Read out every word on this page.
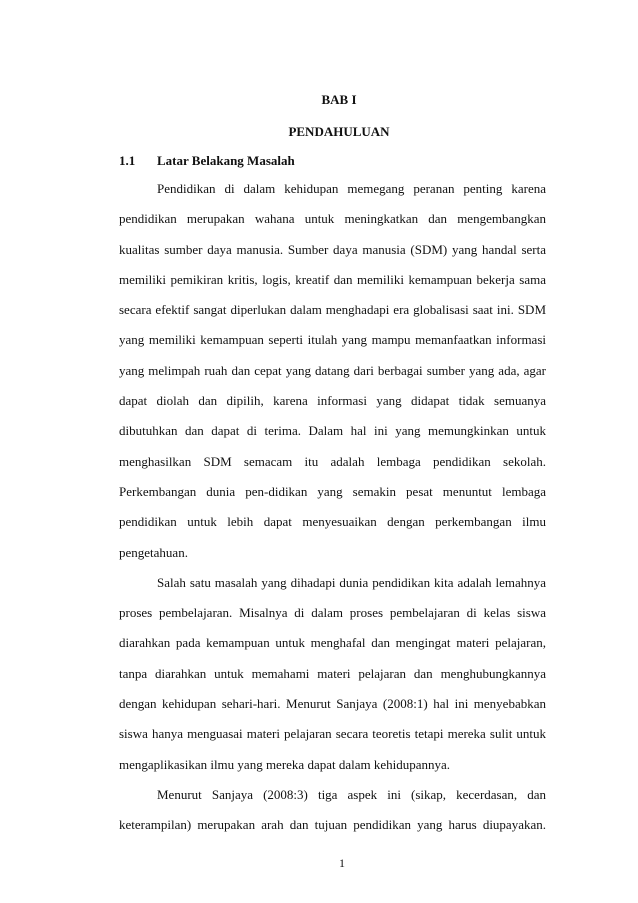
BAB I
PENDAHULUAN
1.1 Latar Belakang Masalah

Pendidikan di dalam kehidupan memegang peranan penting karena pendidikan merupakan wahana untuk meningkatkan dan mengembangkan kualitas sumber daya manusia. Sumber daya manusia (SDM) yang handal serta memiliki pemikiran kritis, logis, kreatif dan memiliki kemampuan bekerja sama secara efektif sangat diperlukan dalam menghadapi era globalisasi saat ini. SDM yang memiliki kemampuan seperti itulah yang mampu memanfaatkan informasi yang melimpah ruah dan cepat yang datang dari berbagai sumber yang ada, agar dapat diolah dan dipilih, karena informasi yang didapat tidak semuanya dibutuhkan dan dapat di terima. Dalam hal ini yang memungkinkan untuk menghasilkan SDM semacam itu adalah lembaga pendidikan sekolah. Perkembangan dunia pen-didikan yang semakin pesat menuntut lembaga pendidikan untuk lebih dapat menyesuaikan dengan perkembangan ilmu pengetahuan.

Salah satu masalah yang dihadapi dunia pendidikan kita adalah lemahnya proses pembelajaran. Misalnya di dalam proses pembelajaran di kelas siswa diarahkan pada kemampuan untuk menghafal dan mengingat materi pelajaran, tanpa diarahkan untuk memahami materi pelajaran dan menghubungkannya dengan kehidupan sehari-hari. Menurut Sanjaya (2008:1) hal ini menyebabkan siswa hanya menguasai materi pelajaran secara teoretis tetapi mereka sulit untuk mengaplikasikan ilmu yang mereka dapat dalam kehidupannya.

Menurut Sanjaya (2008:3) tiga aspek ini (sikap, kecerdasan, dan keterampilan) merupakan arah dan tujuan pendidikan yang harus diupayakan.

1
